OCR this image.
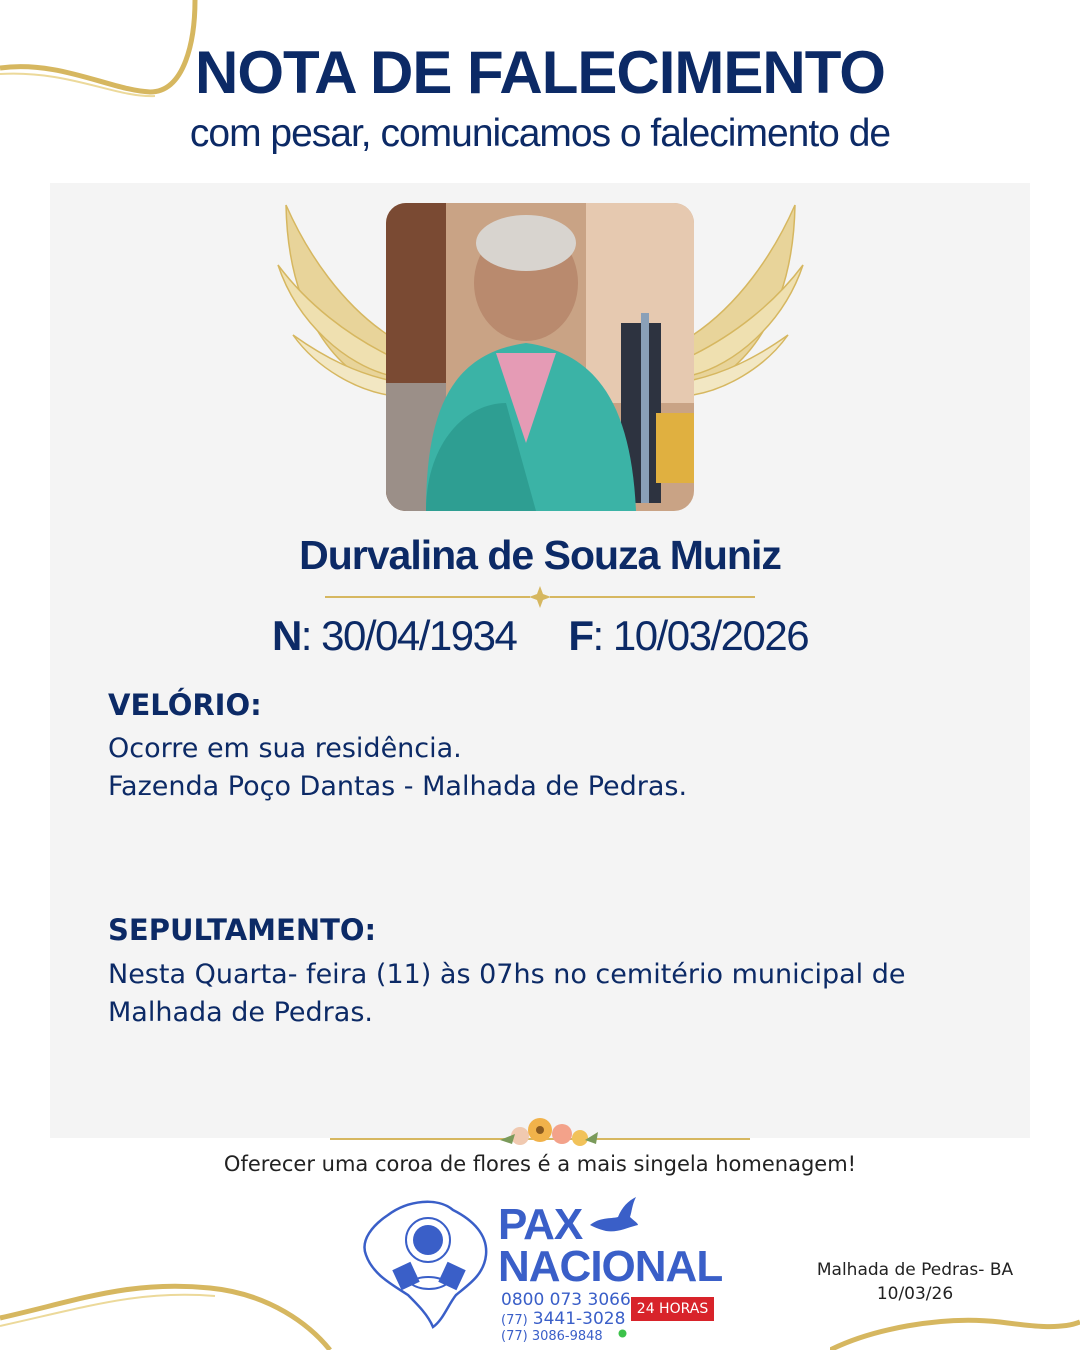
NOTA DE FALECIMENTO
com pesar, comunicamos o falecimento de
Durvalina de Souza Muniz
N: 30/04/1934 F: 10/03/2026
VELÓRIO:
Ocorre em sua residência.
Fazenda Poço Dantas - Malhada de Pedras.
SEPULTAMENTO:
Nesta Quarta- feira (11) às 07hs no cemitério municipal de
Malhada de Pedras.
Oferecer uma coroa de flores é a mais singela homenagem!
PAX
NACIONAL
0800 073 3066
(77) 3441-3028
(77) 3086-9848
24 HORAS
Malhada de Pedras- BA
10/03/26
